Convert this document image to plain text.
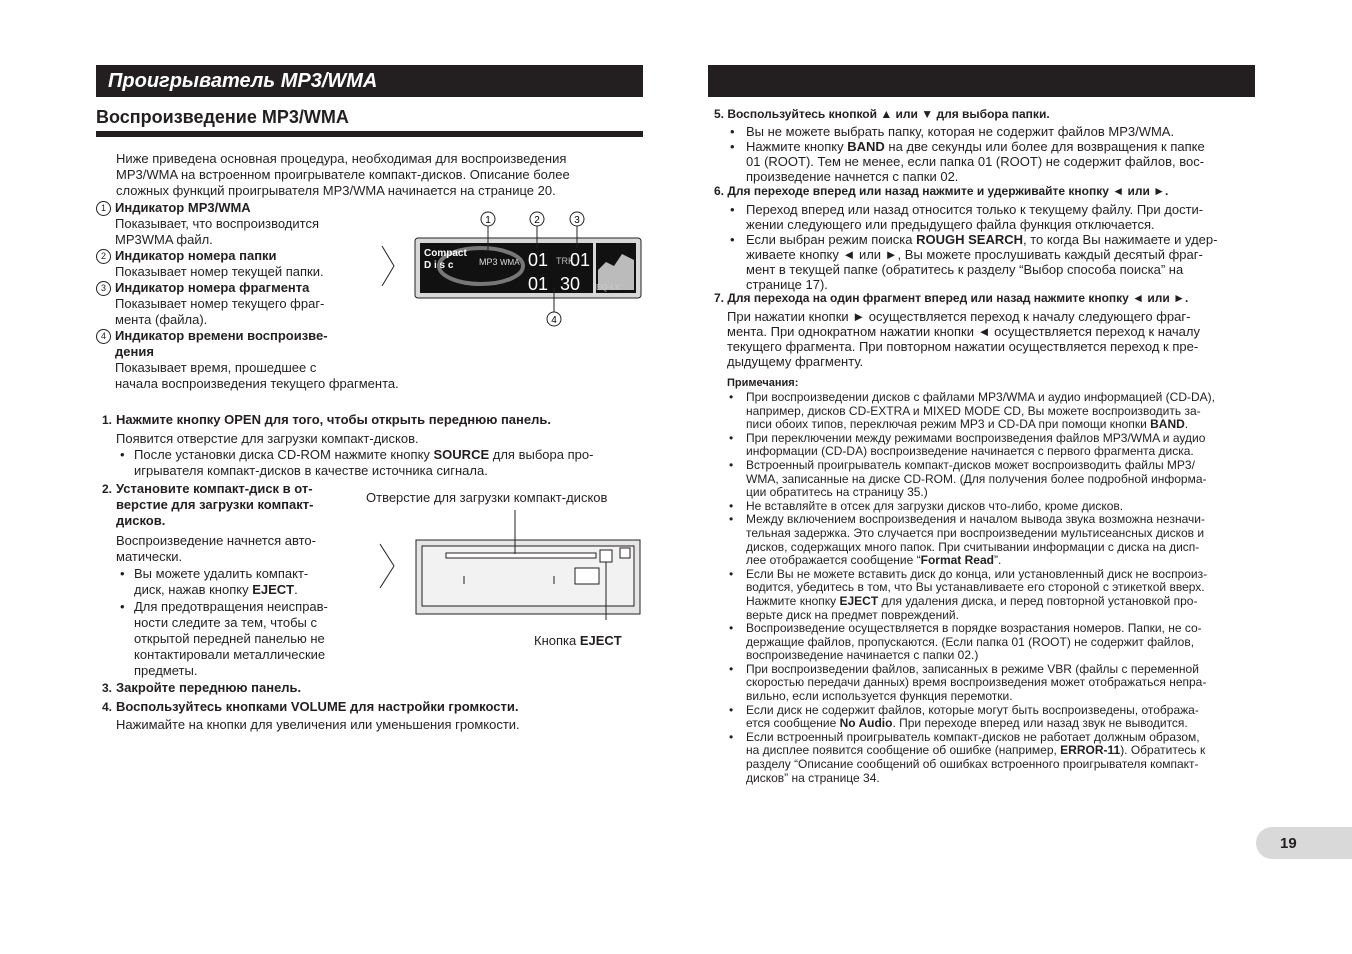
Проигрыватель MP3/WMA
Воспроизведение MP3/WMA
Ниже приведена основная процедура, необходимая для воспроизведения
MP3/WMA на встроенном проигрывателе компакт-дисков. Описание более
сложных функций проигрывателя MP3/WMA начинается на странице 20.
1 Индикатор MP3/WMA
Показывает, что воспроизводится
MP3WMA файл.
2 Индикатор номера папки
Показывает номер текущей папки.
3 Индикатор номера фрагмента
Показывает номер текущего фраг-
мента (файла).
4 Индикатор времени воспроизве-
дения
Показывает время, прошедшее с
начала воспроизведения текущего фрагмента.
Compact
D i s c	MP3 WMA 01 TRK
01
01 30 EQ-LX
1	2	3
4
1. Нажмите кнопку OPEN для того, чтобы открыть переднюю панель.
Появится отверстие для загрузки компакт-дисков.
• После установки диска CD-ROM нажмите кнопку SOURCE для выбора про-
игрывателя компакт-дисков в качестве источника сигнала.
2. Установите компакт-диск в от-
верстие для загрузки компакт-
дисков.
Воспроизведение начнется авто-
матически.
• Вы можете удалить компакт-
диск, нажав кнопку EJECT.
• Для предотвращения неисправ-
ности следите за тем, чтобы с
открытой передней панелью не
контактировали металлические
предметы.
Отверстие для загрузки компакт-дисков
Кнопка EJECT
3. Закройте переднюю панель.
4. Воспользуйтесь кнопками VOLUME для настройки громкости.
Нажимайте на кнопки для увеличения или уменьшения громкости.
5. Воспользуйтесь кнопкой ▲ или ▼ для выбора папки.
• Вы не можете выбрать папку, которая не содержит файлов MP3/WMA.
• Нажмите кнопку BAND на две секунды или более для возвращения к папке
01 (ROOT). Тем не менее, если папка 01 (ROOT) не содержит файлов, вос-
произведение начнется с папки 02.
6. Для переходе вперед или назад нажмите и удерживайте кнопку ◄ или ►.
• Переход вперед или назад относится только к текущему файлу. При дости-
жении следующего или предыдущего файла функция отключается.
• Если выбран режим поиска ROUGH SEARCH, то когда Вы нажимаете и удер-
живаете кнопку ◄ или ►, Вы можете прослушивать каждый десятый фраг-
мент в текущей папке (обратитесь к разделу “Выбор способа поиска” на
странице 17).
7. Для перехода на один фрагмент вперед или назад нажмите кнопку ◄ или ►.
При нажатии кнопки ► осуществляется переход к началу следующего фраг-
мента. При однократном нажатии кнопки ◄ осуществляется переход к началу
текущего фрагмента. При повторном нажатии осуществляется переход к пре-
дыдущему фрагменту.
Примечания:
• При воспроизведении дисков с файлами MP3/WMA и аудио информацией (CD-DA),
например, дисков CD-EXTRA и MIXED MODE CD, Вы можете воспроизводить за-
писи обоих типов, переключая режим MP3 и CD-DA при помощи кнопки BAND.
• При переключении между режимами воспроизведения файлов MP3/WMA и аудио
информации (CD-DA) воспроизведение начинается с первого фрагмента диска.
• Встроенный проигрыватель компакт-дисков может воспроизводить файлы MP3/
WMA, записанные на диске CD-ROM. (Для получения более подробной информа-
ции обратитесь на страницу 35.)
• Не вставляйте в отсек для загрузки дисков что-либо, кроме дисков.
• Между включением воспроизведения и началом вывода звука возможна незначи-
тельная задержка. Это случается при воспроизведении мультисеансных дисков и
дисков, содержащих много папок. При считывании информации с диска на дисп-
лее отображается сообщение “Format Read”.
• Если Вы не можете вставить диск до конца, или установленный диск не воспроиз-
водится, убедитесь в том, что Вы устанавливаете его стороной с этикеткой вверх.
Нажмите кнопку EJECT для удаления диска, и перед повторной установкой про-
верьте диск на предмет повреждений.
• Воспроизведение осуществляется в порядке возрастания номеров. Папки, не со-
держащие файлов, пропускаются. (Если папка 01 (ROOT) не содержит файлов,
воспроизведение начинается с папки 02.)
• При воспроизведении файлов, записанных в режиме VBR (файлы с переменной
скоростью передачи данных) время воспроизведения может отображаться непра-
вильно, если используется функция перемотки.
• Если диск не содержит файлов, которые могут быть воспроизведены, отобража-
ется сообщение No Audio. При переходе вперед или назад звук не выводится.
• Если встроенный проигрыватель компакт-дисков не работает должным образом,
на дисплее появится сообщение об ошибке (например, ERROR-11). Обратитесь к
разделу “Описание сообщений об ошибках встроенного проигрывателя компакт-
дисков” на странице 34.
19
